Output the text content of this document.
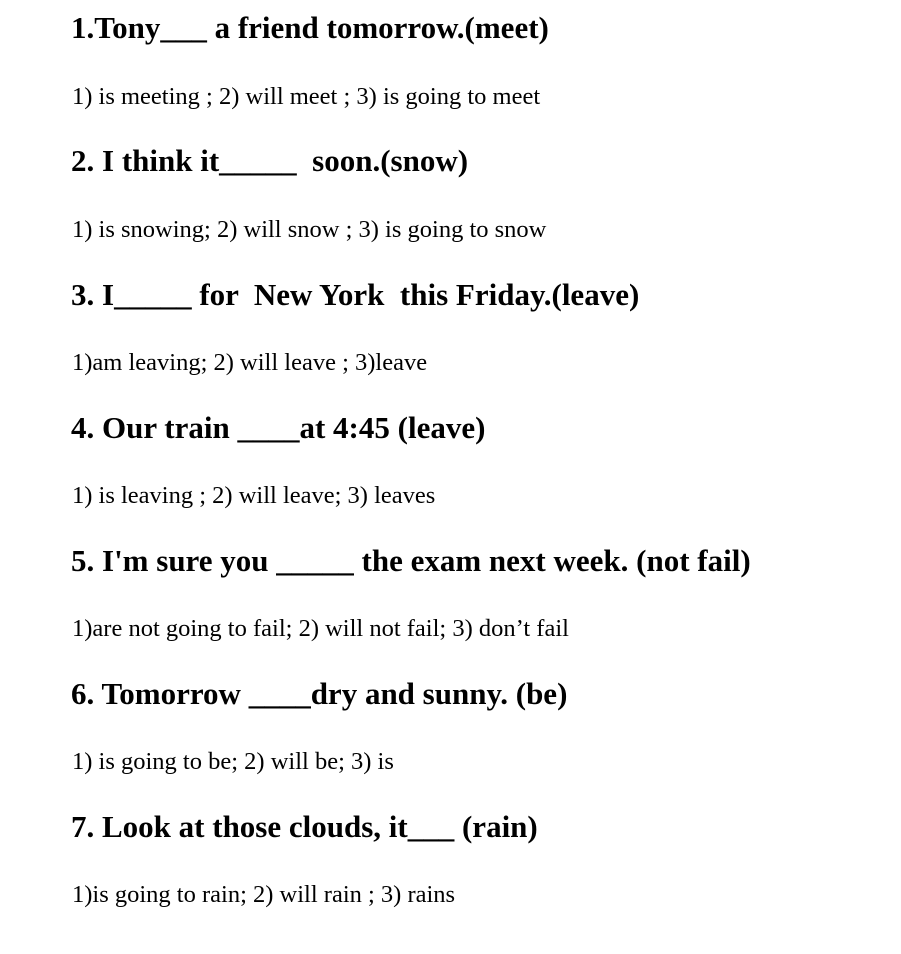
1.Tony___ a friend tomorrow.(meet)
1) is meeting ; 2) will meet ; 3) is going to meet
2. I think it_____  soon.(snow)
1) is snowing; 2) will snow ; 3) is going to snow
3. I_____ for  New York  this Friday.(leave)
1)am leaving; 2) will leave ; 3)leave
4. Our train ____at 4:45 (leave)
1) is leaving ; 2) will leave; 3) leaves
5. I'm sure you _____ the exam next week. (not fail)
1)are not going to fail; 2) will not fail; 3) don’t fail
6. Tomorrow ____dry and sunny. (be)
1) is going to be; 2) will be; 3) is
7. Look at those clouds, it___ (rain)
1)is going to rain; 2) will rain ; 3) rains
